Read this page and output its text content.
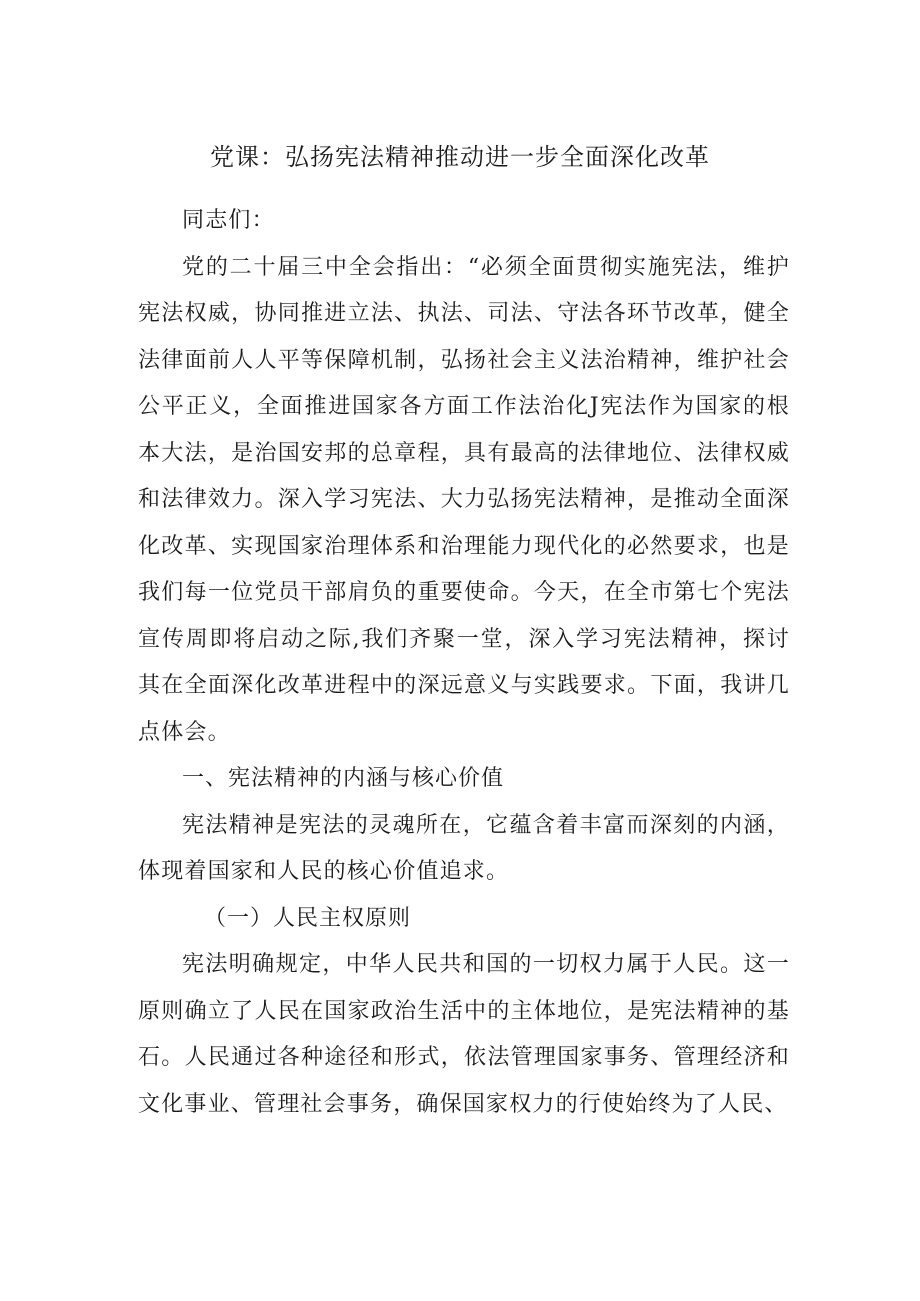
党课：弘扬宪法精神推动进一步全面深化改革

同志们：

党的二十届三中全会指出：“必须全面贯彻实施宪法，维护宪法权威，协同推进立法、执法、司法、守法各环节改革，健全法律面前人人平等保障机制，弘扬社会主义法治精神，维护社会公平正义，全面推进国家各方面工作法治化J宪法作为国家的根本大法，是治国安邦的总章程，具有最高的法律地位、法律权威和法律效力。深入学习宪法、大力弘扬宪法精神，是推动全面深化改革、实现国家治理体系和治理能力现代化的必然要求，也是我们每一位党员干部肩负的重要使命。今天，在全市第七个宪法宣传周即将启动之际,我们齐聚一堂，深入学习宪法精神，探讨其在全面深化改革进程中的深远意义与实践要求。下面，我讲几点体会。

一、宪法精神的内涵与核心价值

宪法精神是宪法的灵魂所在，它蕴含着丰富而深刻的内涵，体现着国家和人民的核心价值追求。

（一）人民主权原则

宪法明确规定，中华人民共和国的一切权力属于人民。这一原则确立了人民在国家政治生活中的主体地位，是宪法精神的基石。人民通过各种途径和形式，依法管理国家事务、管理经济和文化事业、管理社会事务，确保国家权力的行使始终为了人民、
